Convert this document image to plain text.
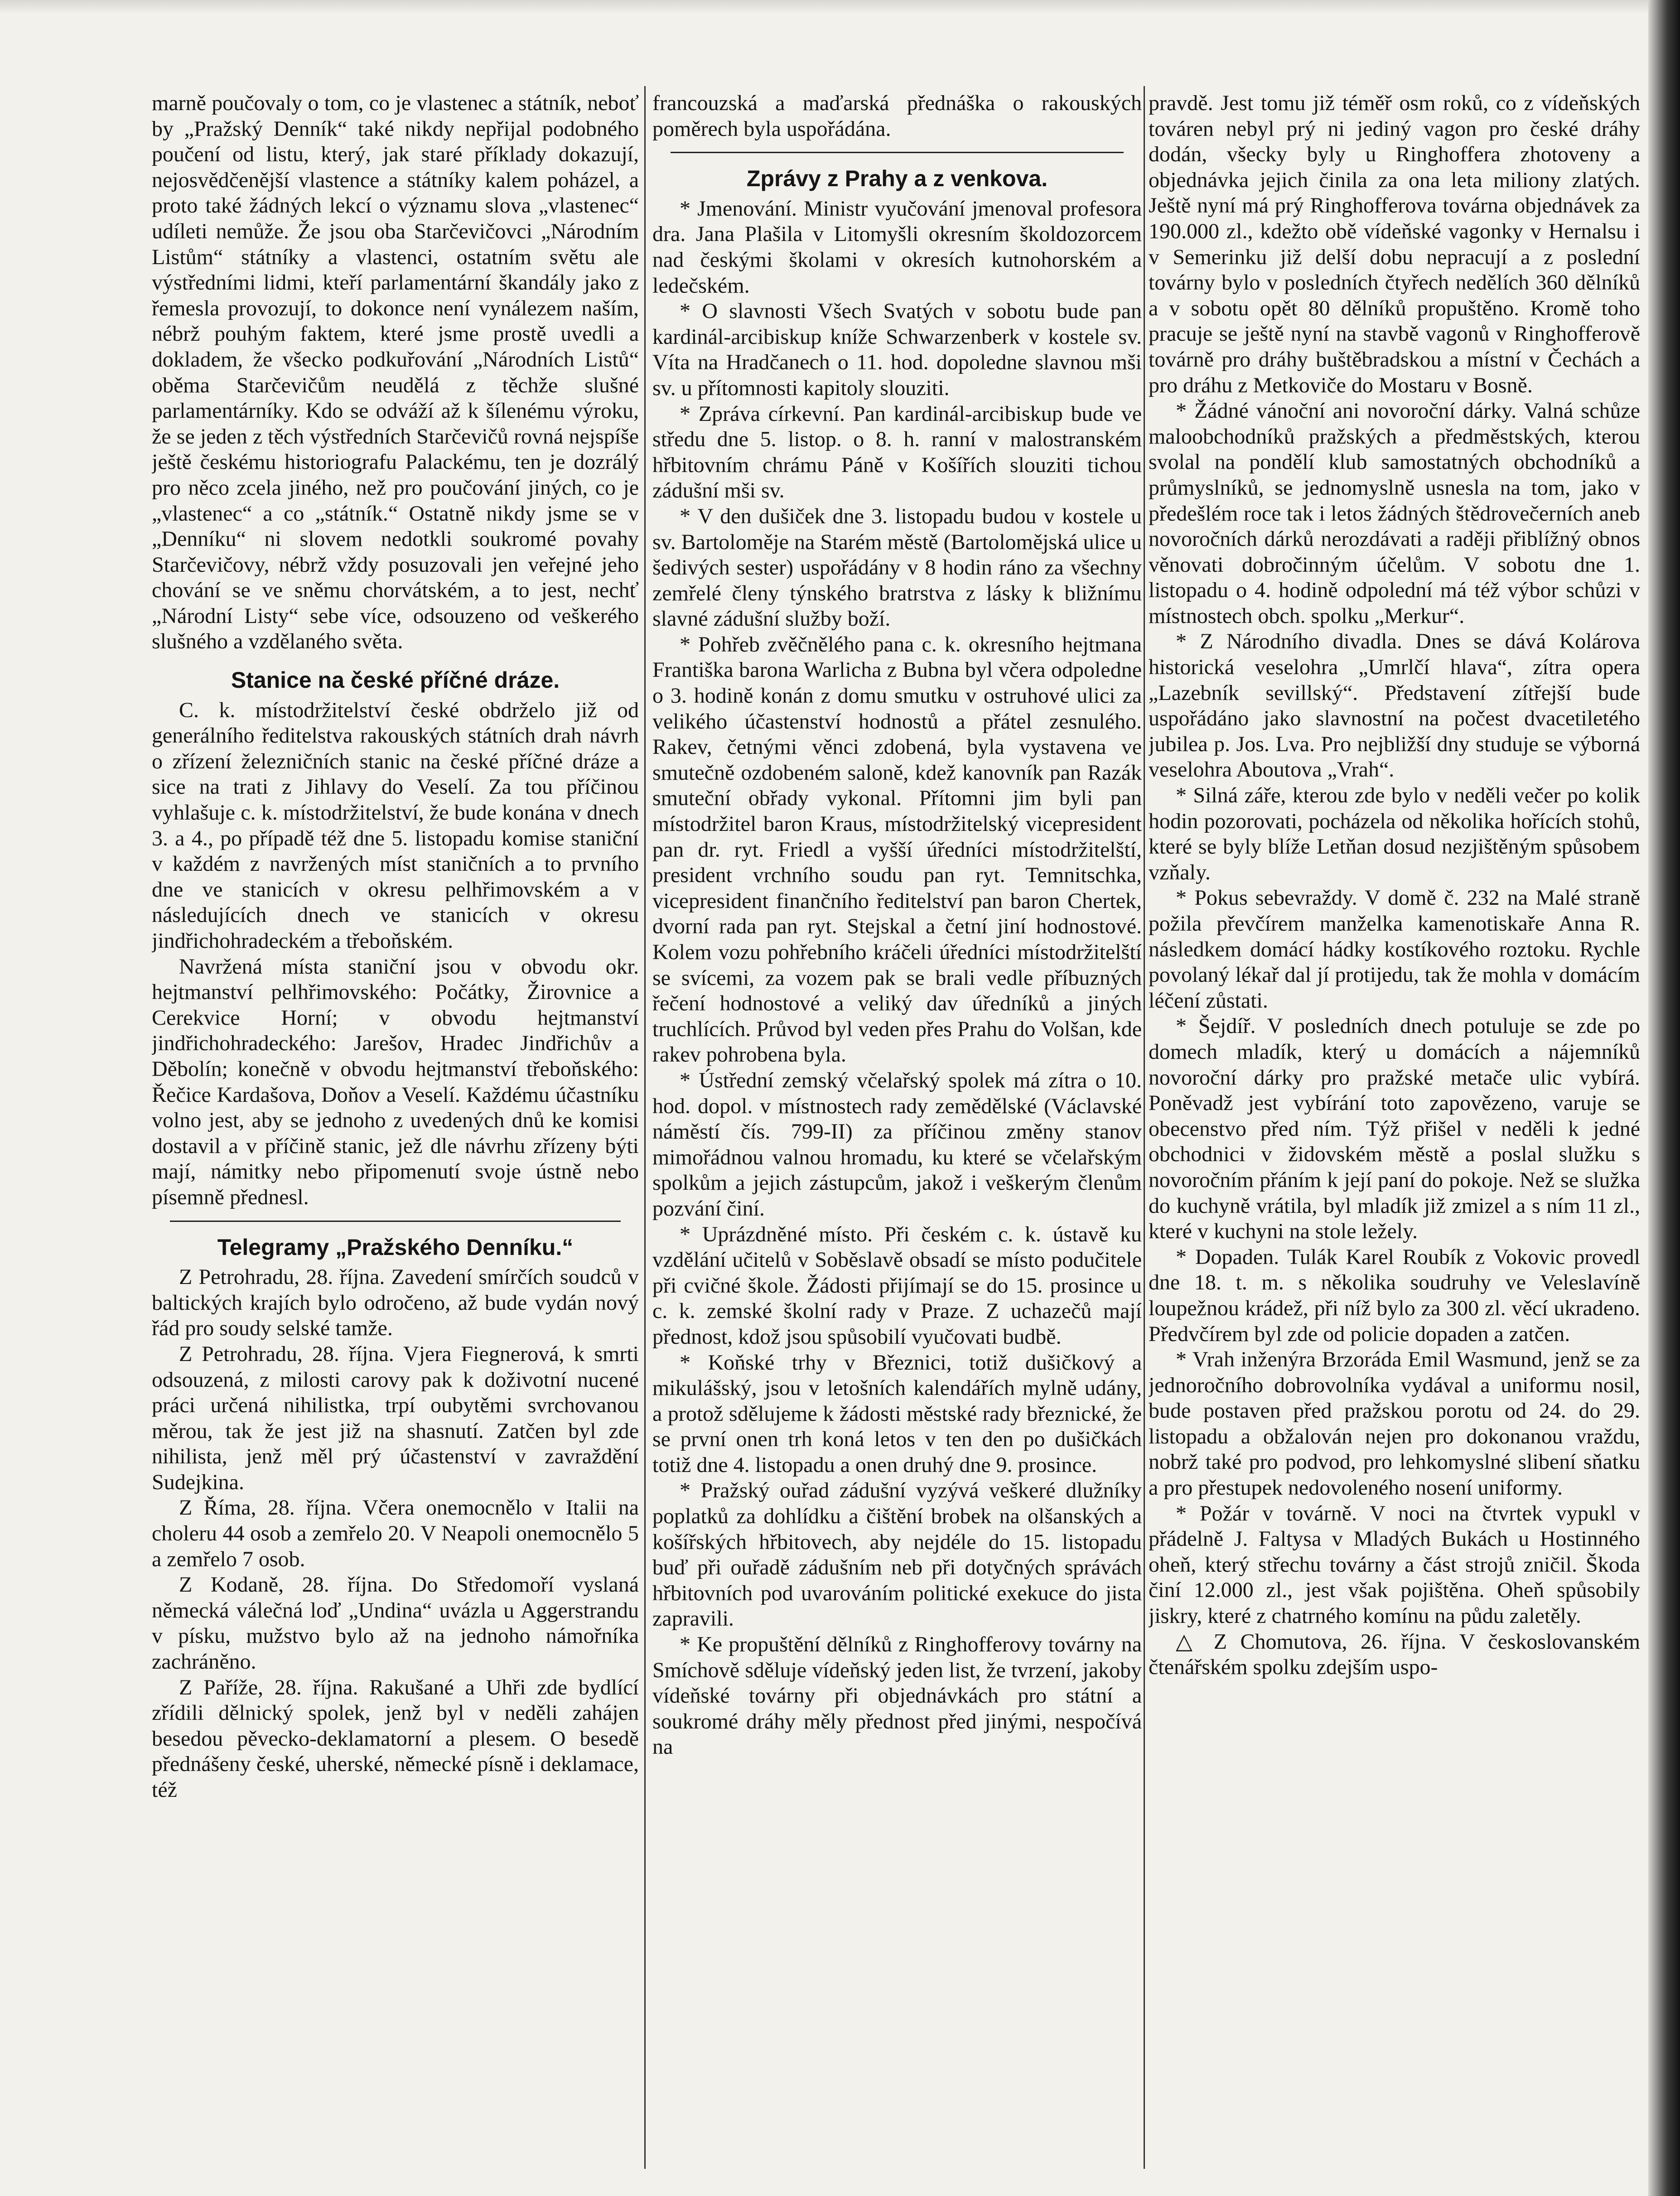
marně poučovaly o tom, co je vlastenec a státník, neboť by „Pražský Denník“ také nikdy nepřijal podobného poučení od listu, který, jak staré příklady dokazují, nejosvědčenější vlastence a státníky kalem poházel, a proto také žádných lekcí o významu slova „vlastenec“ udíleti nemůže. Že jsou oba Starčevičovci „Národním Listům“ státníky a vlastenci, ostatním světu ale výstředními lidmi, kteří parlamentární škandály jako z řemesla provozují, to dokonce není vynálezem naším, nébrž pouhým faktem, které jsme prostě uvedli a dokladem, že všecko podkuřování „Národních Listů“ oběma Starčevičům neudělá z těchže slušné parlamentárníky. Kdo se odváží až k šílenému výroku, že se jeden z těch výstředních Starčevičů rovná nejspíše ještě českému historiografu Palackému, ten je dozrálý pro něco zcela jiného, než pro poučování jiných, co je „vlastenec“ a co „státník.“ Ostatně nikdy jsme se v „Denníku“ ni slovem nedotkli soukromé povahy Starčevičovy, nébrž vždy posuzovali jen veřejné jeho chování se ve sněmu chorvátském, a to jest, nechť „Národní Listy“ sebe více, odsouzeno od veškerého slušného a vzdělaného světa.

Stanice na české příčné dráze.

C. k. místodržitelství české obdrželo již od generálního ředitelstva rakouských státních drah návrh o zřízení železničních stanic na české příčné dráze a sice na trati z Jihlavy do Veselí. Za tou příčinou vyhlašuje c. k. místodržitelství, že bude konána v dnech 3. a 4., po případě též dne 5. listopadu komise staniční v každém z navržených míst staničních a to prvního dne ve stanicích v okresu pelhřimovském a v následujících dnech ve stanicích v okresu jindřichohradeckém a třeboňském.

Navržená místa staniční jsou v obvodu okr. hejtmanství pelhřimovského: Počátky, Žirovnice a Cerekvice Horní; v obvodu hejtmanství jindřichohradeckého: Jarešov, Hradec Jindřichův a Děbolín; konečně v obvodu hejtmanství třeboňského: Řečice Kardašova, Doňov a Veselí. Každému účastníku volno jest, aby se jednoho z uvedených dnů ke komisi dostavil a v příčině stanic, jež dle návrhu zřízeny býti mají, námitky nebo připomenutí svoje ústně nebo písemně přednesl.

Telegramy „Pražského Denníku.“

Z Petrohradu, 28. října. Zavedení smírčích soudců v baltických krajích bylo odročeno, až bude vydán nový řád pro soudy selské tamže.

Z Petrohradu, 28. října. Vjera Fiegnerová, k smrti odsouzená, z milosti carovy pak k doživotní nucené práci určená nihilistka, trpí oubytěmi svrchovanou měrou, tak že jest již na shasnutí. Zatčen byl zde nihilista, jenž měl prý účastenství v zavraždění Sudejkina.

Z Říma, 28. října. Včera onemocnělo v Italii na choleru 44 osob a zemřelo 20. V Neapoli onemocnělo 5 a zemřelo 7 osob.

Z Kodaně, 28. října. Do Středomoří vyslaná německá válečná loď „Undina“ uvázla u Aggerstrandu v písku, mužstvo bylo až na jednoho námořníka zachráněno.

Z Paříže, 28. října. Rakušané a Uhři zde bydlící zřídili dělnický spolek, jenž byl v neděli zahájen besedou pěvecko-deklamatorní a plesem. O besedě přednášeny české, uherské, německé písně i deklamace, též

francouzská a maďarská přednáška o rakouských poměrech byla uspořádána.

Zprávy z Prahy a z venkova.

* Jmenování. Ministr vyučování jmenoval profesora dra. Jana Plašila v Litomyšli okresním školdozorcem nad českými školami v okresích kutnohorském a ledečském.

* O slavnosti Všech Svatých v sobotu bude pan kardinál-arcibiskup kníže Schwarzenberk v kostele sv. Víta na Hradčanech o 11. hod. dopoledne slavnou mši sv. u přítomnosti kapitoly slouziti.

* Zpráva církevní. Pan kardinál-arcibiskup bude ve středu dne 5. listop. o 8. h. ranní v malostranském hřbitovním chrámu Páně v Košířích slouziti tichou zádušní mši sv.

* V den dušiček dne 3. listopadu budou v kostele u sv. Bartoloměje na Starém městě (Bartolomějská ulice u šedivých sester) uspořádány v 8 hodin ráno za všechny zemřelé členy týnského bratrstva z lásky k bližnímu slavné zádušní služby boží.

* Pohřeb zvěčnělého pana c. k. okresního hejtmana Františka barona Warlicha z Bubna byl včera odpoledne o 3. hodině konán z domu smutku v ostruhové ulici za velikého účastenství hodnostů a přátel zesnulého. Rakev, četnými věnci zdobená, byla vystavena ve smutečně ozdobeném saloně, kdež kanovník pan Razák smuteční obřady vykonal. Přítomni jim byli pan místodržitel baron Kraus, místodržitelský vicepresident pan dr. ryt. Friedl a vyšší úředníci místodržitelští, president vrchního soudu pan ryt. Temnitschka, vicepresident finančního ředitelství pan baron Chertek, dvorní rada pan ryt. Stejskal a četní jiní hodnostové. Kolem vozu pohřebního kráčeli úředníci místodržitelští se svícemi, za vozem pak se brali vedle příbuzných řečení hodnostové a veliký dav úředníků a jiných truchlících. Průvod byl veden přes Prahu do Volšan, kde rakev pohrobena byla.

* Ústřední zemský včelařský spolek má zítra o 10. hod. dopol. v místnostech rady zemědělské (Václavské náměstí čís. 799-II) za příčinou změny stanov mimořádnou valnou hromadu, ku které se včelařským spolkům a jejich zástupcům, jakož i veškerým členům pozvání činí.

* Uprázdněné místo. Při českém c. k. ústavě ku vzdělání učitelů v Soběslavě obsadí se místo podučitele při cvičné škole. Žádosti přijímají se do 15. prosince u c. k. zemské školní rady v Praze. Z uchazečů mají přednost, kdož jsou spůsobilí vyučovati budbě.

* Koňské trhy v Březnici, totiž dušičkový a mikulášský, jsou v letošních kalendářích mylně udány, a protož sdělujeme k žádosti městské rady březnické, že se první onen trh koná letos v ten den po dušičkách totiž dne 4. listopadu a onen druhý dne 9. prosince.

* Pražský ouřad zádušní vyzývá veškeré dlužníky poplatků za dohlídku a čištění brobek na olšanských a košířských hřbitovech, aby nejdéle do 15. listopadu buď při ouřadě zádušním neb při dotyčných správách hřbitovních pod uvarováním politické exekuce do jista zapravili.

* Ke propuštění dělníků z Ringhofferovy továrny na Smíchově sděluje vídeňský jeden list, že tvrzení, jakoby vídeňské továrny při objednávkách pro státní a soukromé dráhy měly přednost před jinými, nespočívá na

pravdě. Jest tomu již téměř osm roků, co z vídeňských továren nebyl prý ni jediný vagon pro české dráhy dodán, všecky byly u Ringhoffera zhotoveny a objednávka jejich činila za ona leta miliony zlatých. Ještě nyní má prý Ringhofferova továrna objednávek za 190.000 zl., kdežto obě vídeňské vagonky v Hernalsu i v Semerinku již delší dobu nepracují a z poslední továrny bylo v posledních čtyřech nedělích 360 dělníků a v sobotu opět 80 dělníků propuštěno. Kromě toho pracuje se ještě nyní na stavbě vagonů v Ringhofferově továrně pro dráhy buštěbradskou a místní v Čechách a pro dráhu z Metkoviče do Mostaru v Bosně.

* Žádné vánoční ani novoroční dárky. Valná schůze maloobchodníků pražských a předměstských, kterou svolal na pondělí klub samostatných obchodníků a průmyslníků, se jednomyslně usnesla na tom, jako v předešlém roce tak i letos žádných štědrovečerních aneb novoročních dárků nerozdávati a raději přiblížný obnos věnovati dobročinným účelům. V sobotu dne 1. listopadu o 4. hodině odpolední má též výbor schůzi v místnostech obch. spolku „Merkur“.

* Z Národního divadla. Dnes se dává Kolárova historická veselohra „Umrlčí hlava“, zítra opera „Lazebník sevillský“. Představení zítřejší bude uspořádáno jako slavnostní na počest dvacetiletého jubilea p. Jos. Lva. Pro nejbližší dny studuje se výborná veselohra Aboutova „Vrah“.

* Silná záře, kterou zde bylo v neděli večer po kolik hodin pozorovati, pocházela od několika hořících stohů, které se byly blíže Letňan dosud nezjištěným spůsobem vzňaly.

* Pokus sebevraždy. V domě č. 232 na Malé straně požila převčírem manželka kamenotiskaře Anna R. následkem domácí hádky kostíkového roztoku. Rychle povolaný lékař dal jí protijedu, tak že mohla v domácím léčení zůstati.

* Šejdíř. V posledních dnech potuluje se zde po domech mladík, který u domácích a nájemníků novoroční dárky pro pražské metače ulic vybírá. Poněvadž jest vybírání toto zapovězeno, varuje se obecenstvo před ním. Týž přišel v neděli k jedné obchodnici v židovském městě a poslal služku s novoročním přáním k její paní do pokoje. Než se služka do kuchyně vrátila, byl mladík již zmizel a s ním 11 zl., které v kuchyni na stole ležely.

* Dopaden. Tulák Karel Roubík z Vokovic provedl dne 18. t. m. s několika soudruhy ve Veleslavíně loupežnou krádež, při níž bylo za 300 zl. věcí ukradeno. Předvčírem byl zde od policie dopaden a zatčen.

* Vrah inženýra Brzoráda Emil Wasmund, jenž se za jednoročního dobrovolníka vydával a uniformu nosil, bude postaven před pražskou porotu od 24. do 29. listopadu a obžalován nejen pro dokonanou vraždu, nobrž také pro podvod, pro lehkomyslné slibení sňatku a pro přestupek nedovoleného nosení uniformy.

* Požár v továrně. V noci na čtvrtek vypukl v přádelně J. Faltysa v Mladých Bukách u Hostinného oheň, který střechu továrny a část strojů zničil. Škoda činí 12.000 zl., jest však pojištěna. Oheň spůsobily jiskry, které z chatrného komínu na půdu zaletěly.

△ Z Chomutova, 26. října. V českoslovanském čtenářském spolku zdejším uspo-
